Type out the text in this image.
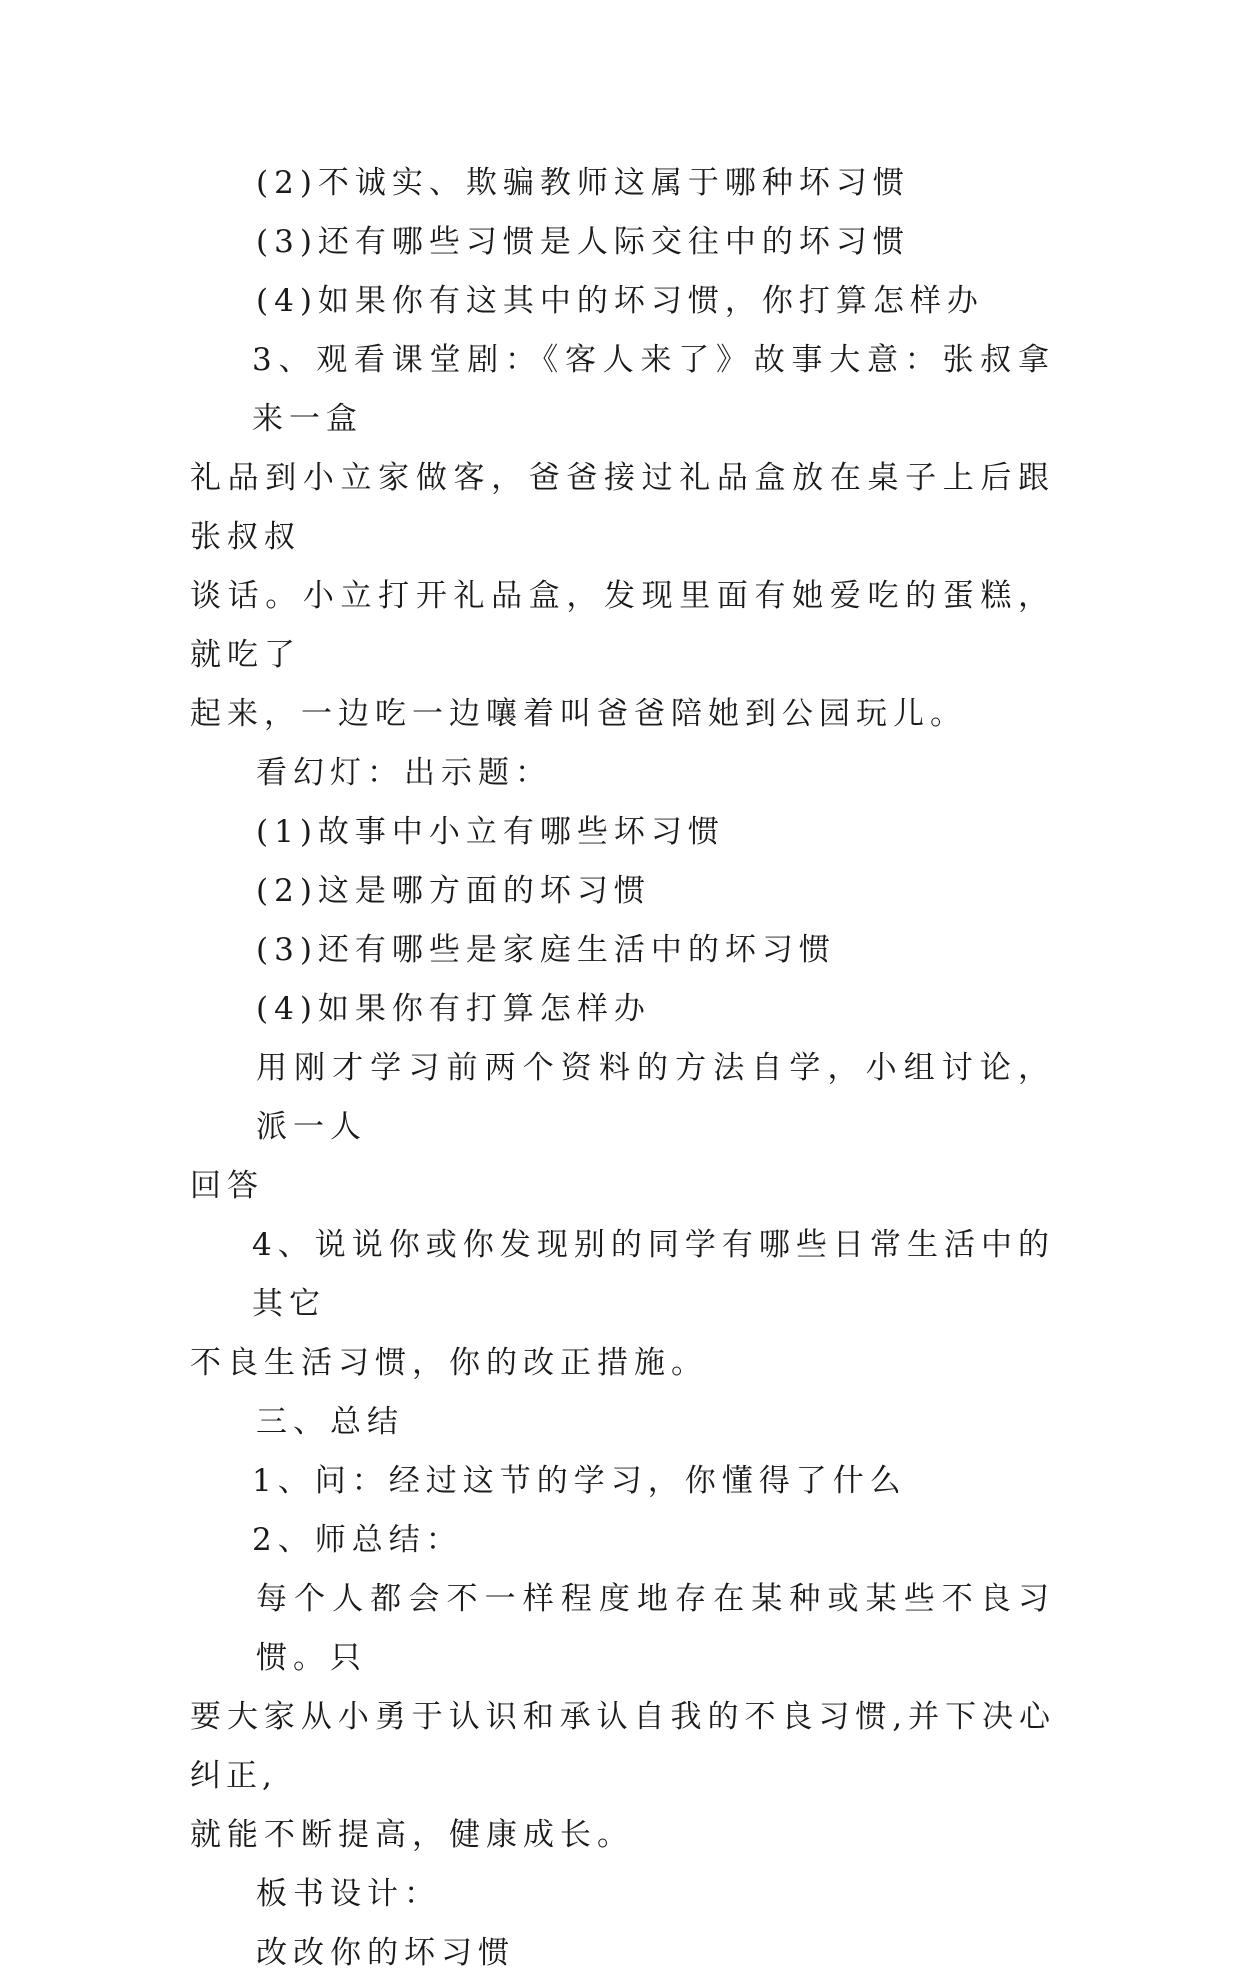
(2)不诚实、欺骗教师这属于哪种坏习惯

(3)还有哪些习惯是人际交往中的坏习惯

(4)如果你有这其中的坏习惯，你打算怎样办

3、观看课堂剧：《客人来了》故事大意：张叔拿来一盒

礼品到小立家做客，爸爸接过礼品盒放在桌子上后跟张叔叔

谈话。小立打开礼品盒，发现里面有她爱吃的蛋糕，就吃了

起来，一边吃一边嚷着叫爸爸陪她到公园玩儿。

看幻灯：出示题：

(1)故事中小立有哪些坏习惯

(2)这是哪方面的坏习惯

(3)还有哪些是家庭生活中的坏习惯

(4)如果你有打算怎样办

用刚才学习前两个资料的方法自学，小组讨论，派一人

回答

4、说说你或你发现别的同学有哪些日常生活中的其它

不良生活习惯，你的改正措施。

三、总结

1、问：经过这节的学习，你懂得了什么

2、师总结：

每个人都会不一样程度地存在某种或某些不良习惯。只

要大家从小勇于认识和承认自我的不良习惯,并下决心纠正,

就能不断提高，健康成长。

板书设计：

改改你的坏习惯
